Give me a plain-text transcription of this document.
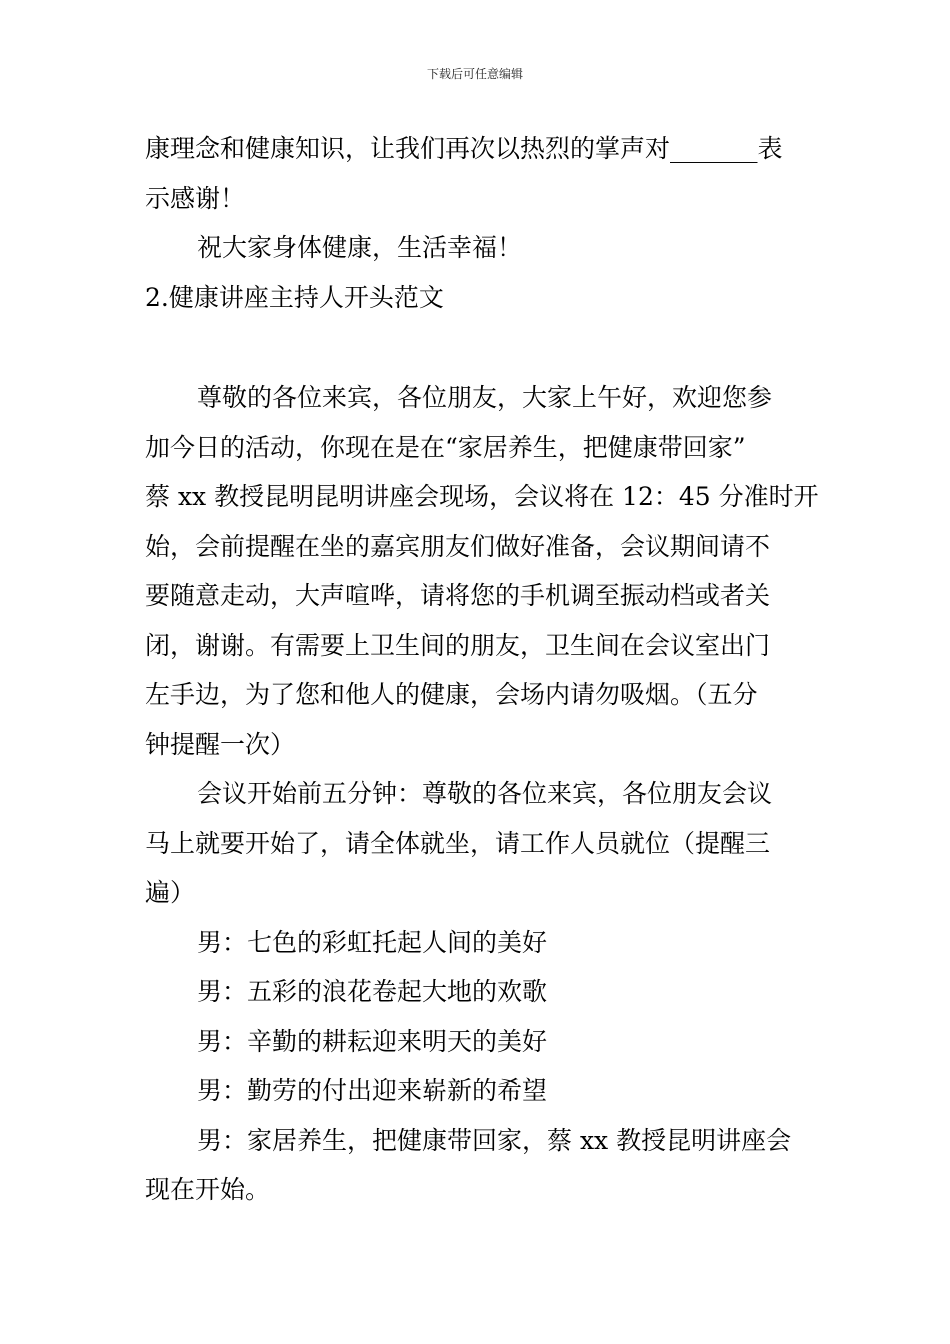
下载后可任意编辑
康理念和健康知识，让我们再次以热烈的掌声对_______表
示感谢！
祝大家身体健康，生活幸福！
2.健康讲座主持人开头范文
尊敬的各位来宾，各位朋友，大家上午好，欢迎您参
加今日的活动，你现在是在“家居养生，把健康带回家”
蔡 xx 教授昆明昆明讲座会现场，会议将在 12：45 分准时开
始，会前提醒在坐的嘉宾朋友们做好准备，会议期间请不
要随意走动，大声喧哗，请将您的手机调至振动档或者关
闭，谢谢。有需要上卫生间的朋友，卫生间在会议室出门
左手边，为了您和他人的健康，会场内请勿吸烟。（五分
钟提醒一次）
会议开始前五分钟：尊敬的各位来宾，各位朋友会议
马上就要开始了，请全体就坐，请工作人员就位（提醒三
遍）
男：七色的彩虹托起人间的美好
男：五彩的浪花卷起大地的欢歌
男：辛勤的耕耘迎来明天的美好
男：勤劳的付出迎来崭新的希望
男：家居养生，把健康带回家，蔡 xx 教授昆明讲座会
现在开始。
